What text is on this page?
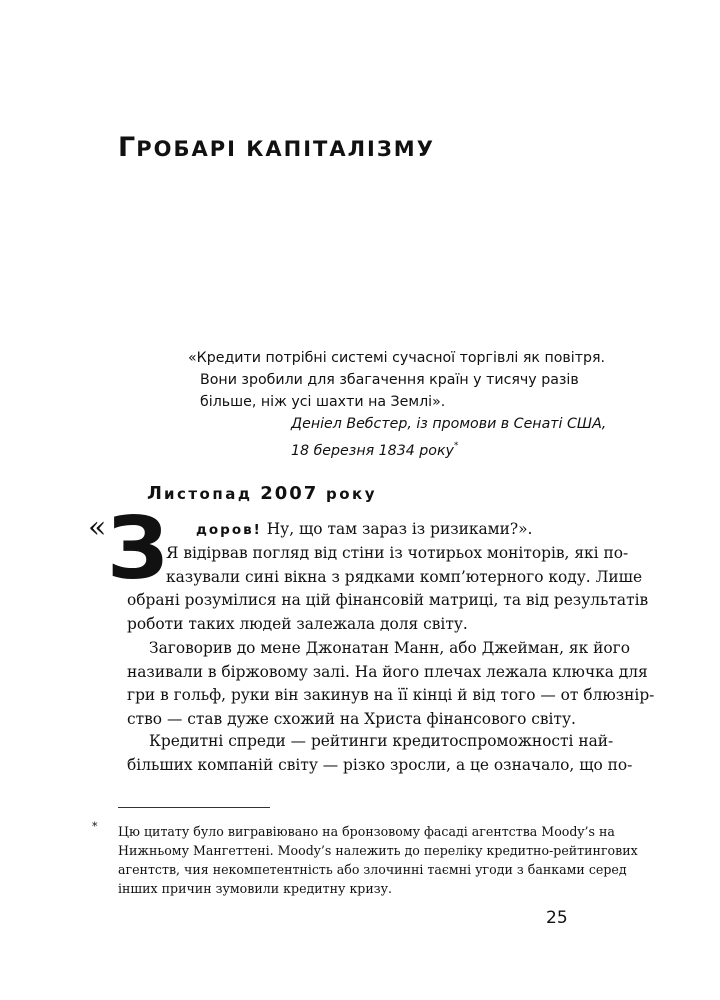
ГРОБАРІ КАПІТАЛІЗМУ
«Кредити потрібні системі сучасної торгівлі як повітря.
Вони зробили для збагачення країн у тисячу разів
більше, ніж усі шахти на Землі».
Деніел Вебстер, із промови в Сенаті США,
18 березня 1834 року*
Листопад 2007 року
« З доров! Ну, що там зараз із ризиками?».
Я відірвав погляд від стіни із чотирьох моніторів, які по-
казували сині вікна з рядками комп’ютерного коду. Лише
обрані розумілися на цій фінансовій матриці, та від результатів
роботи таких людей залежала доля світу.
Заговорив до мене Джонатан Манн, або Джейман, як його
називали в біржовому залі. На його плечах лежала ключка для
гри в гольф, руки він закинув на її кінці й від того — от блюзнір-
ство — став дуже схожий на Христа фінансового світу.
Кредитні спреди — рейтинги кредитоспроможності най-
більших компаній світу — різко зросли, а це означало, що по-
* Цю цитату було вигравіювано на бронзовому фасаді агентства Moody’s на
Нижньому Мангеттені. Moody’s належить до переліку кредитно-рейтингових
агентств, чия некомпетентність або злочинні таємні угоди з банками серед
інших причин зумовили кредитну кризу.
25
